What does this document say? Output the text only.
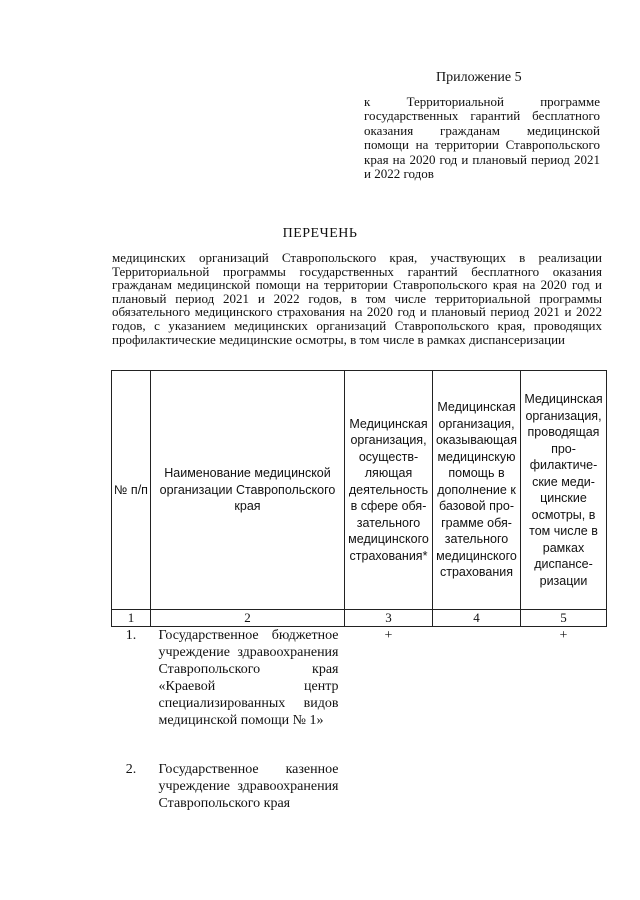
Приложение 5
к Территориальной программе государственных гарантий бесплатного оказания гражданам медицинской помощи на территории Ставропольского края на 2020 год и плановый период 2021 и 2022 годов
ПЕРЕЧЕНЬ
медицинских организаций Ставропольского края, участвующих в реализации Территориальной программы государственных гарантий бесплатного оказания гражданам медицинской помощи на территории Ставропольского края на 2020 год и плановый период 2021 и 2022 годов, в том числе территориальной программы обязательного медицинского страхования на 2020 год и плановый период 2021 и 2022 годов, с указанием медицинских организаций Ставропольского края, проводящих профилактические медицинские осмотры, в том числе в рамках диспансеризации
№ п/п	Наименование медицинской организации Ставропольского края	Медицинская организация, осуществляющая деятельность в сфере обязательного медицинского страхования*	Медицинская организация, оказывающая медицинскую помощь в дополнение к базовой программе обязательного медицинского страхования	Медицинская организация, проводящая профилактические медицинские осмотры, в том числе в рамках диспансеризации
1	2	3	4	5
1.	Государственное бюджетное учреждение здравоохранения Ставропольского края «Краевой центр специализированных видов медицинской помощи № 1»	+		+

2.	Государственное казенное учреждение здравоохранения Ставропольского края			
